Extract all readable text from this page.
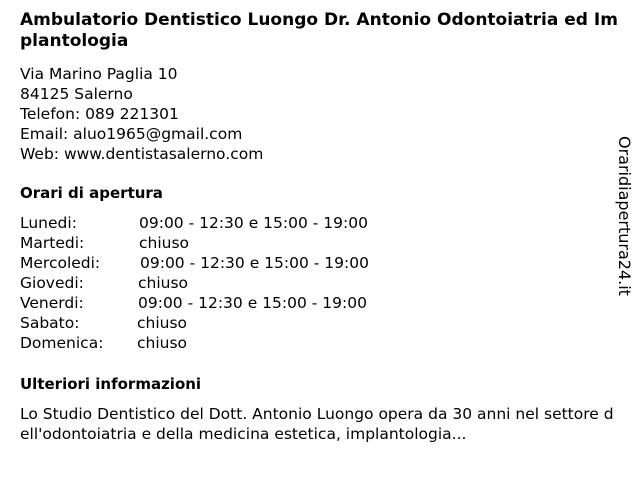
Ambulatorio Dentistico Luongo Dr. Antonio Odontoiatria ed Implantologia
Via Marino Paglia 10
84125 Salerno
Telefon: 089 221301
Email: aluo1965@gmail.com
Web: www.dentistasalerno.com
Orari di apertura
Lunedi:	09:00 - 12:30 e 15:00 - 19:00
Martedi:	chiuso
Mercoledi:	09:00 - 12:30 e 15:00 - 19:00
Giovedi:	chiuso
Venerdi:	09:00 - 12:30 e 15:00 - 19:00
Sabato:	chiuso
Domenica: chiuso
Ulteriori informazioni
Lo Studio Dentistico del Dott. Antonio Luongo opera da 30 anni nel settore dell'odontoiatria e della medicina estetica, implantologia...
Oraridiapertura24.it
